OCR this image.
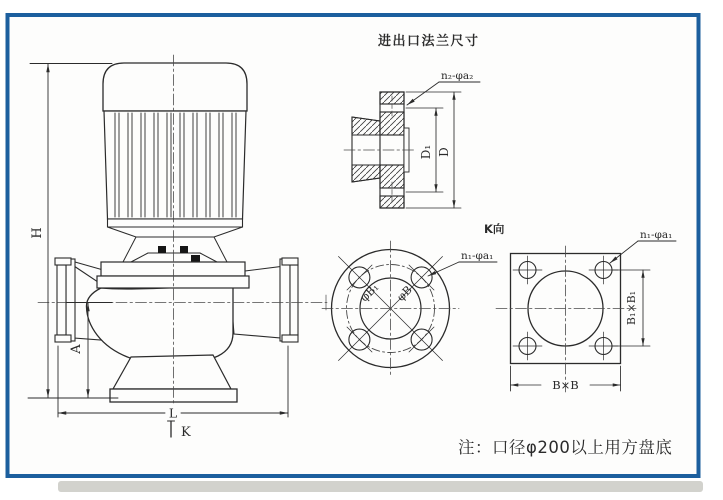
H
A
L
K
进出口法兰尺寸
n₂-φa₂
D₁ D
K向
φB₁ φB
n₁-φa₁
B₁×B₁
B×B
n₁-φa₁
注：口径φ200以上用方盘底
